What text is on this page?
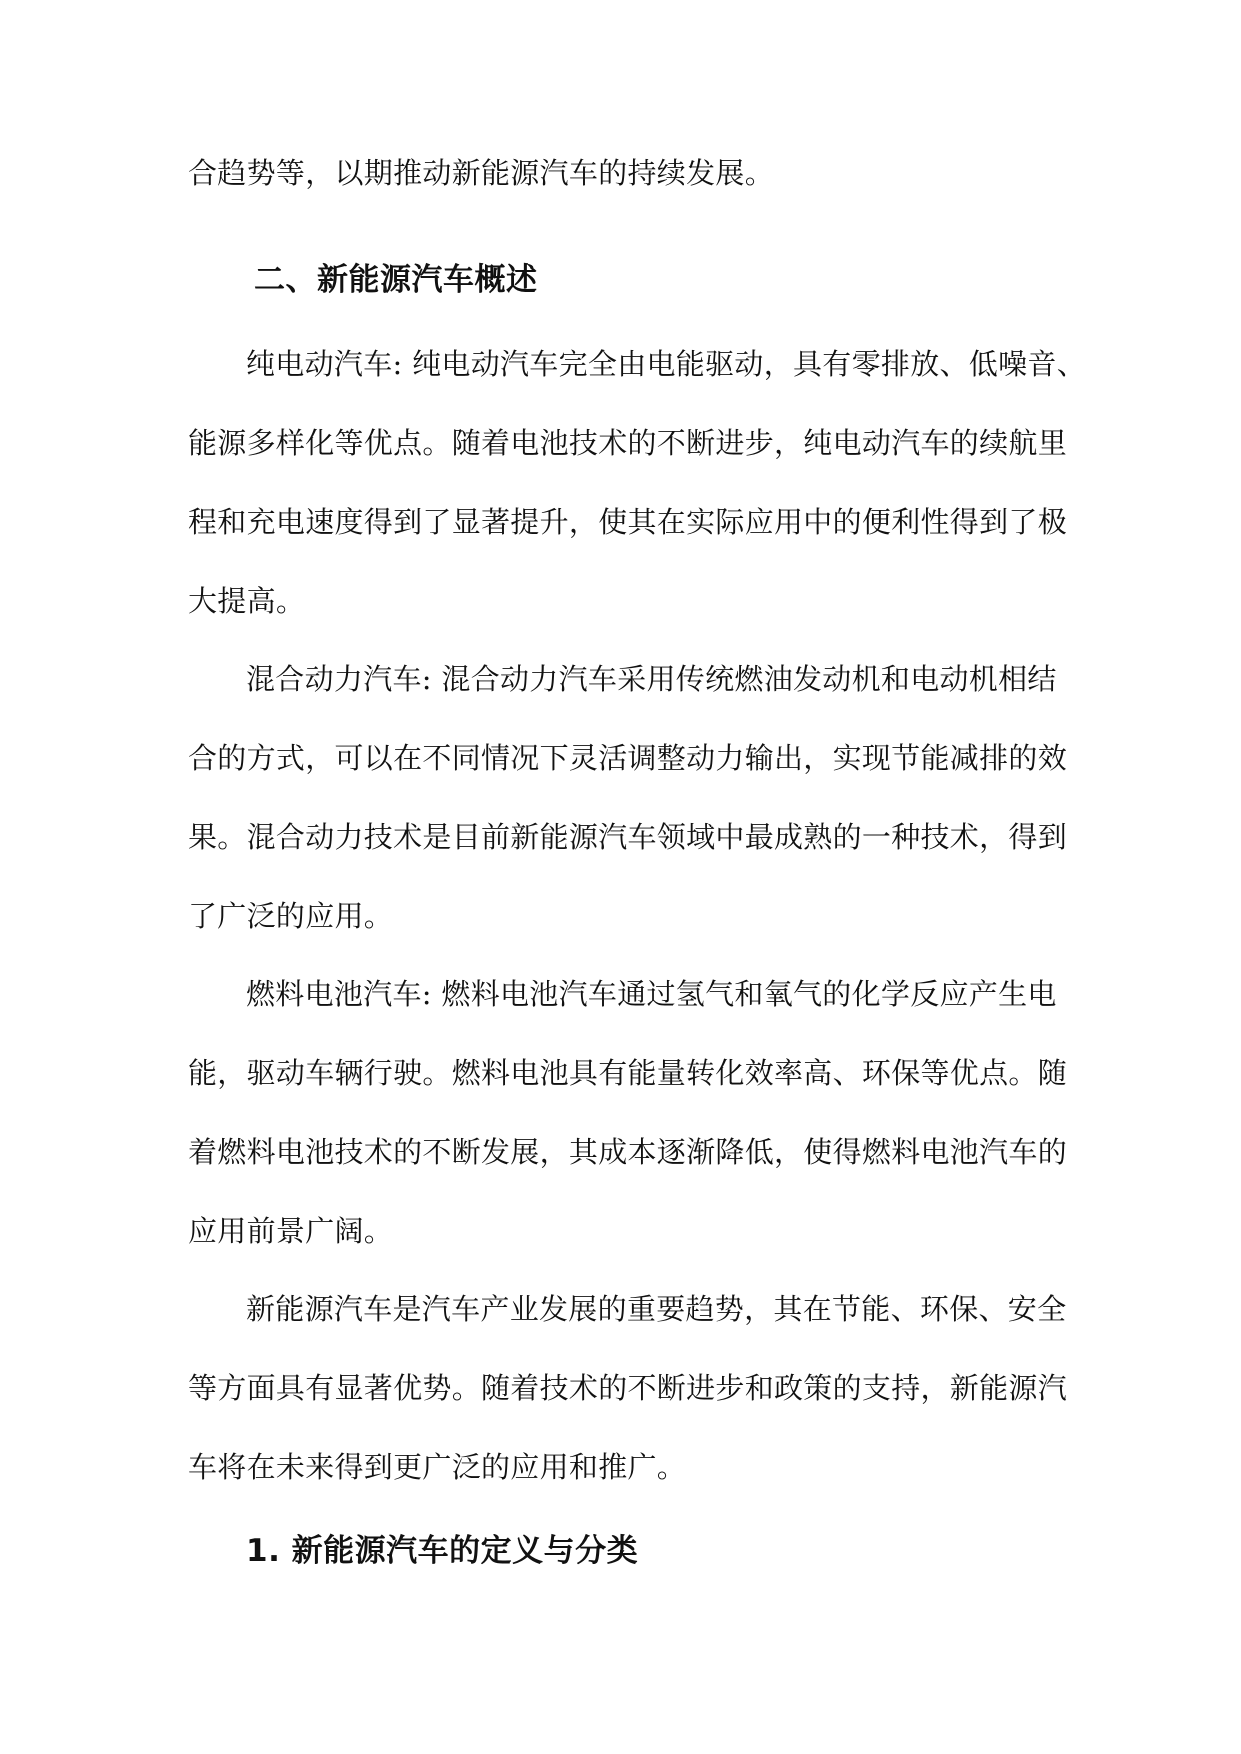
合趋势等，以期推动新能源汽车的持续发展。
二、新能源汽车概述
纯电动汽车: 纯电动汽车完全由电能驱动，具有零排放、低噪音、
能源多样化等优点。随着电池技术的不断进步，纯电动汽车的续航里
程和充电速度得到了显著提升，使其在实际应用中的便利性得到了极
大提高。
混合动力汽车: 混合动力汽车采用传统燃油发动机和电动机相结
合的方式，可以在不同情况下灵活调整动力输出，实现节能减排的效
果。混合动力技术是目前新能源汽车领域中最成熟的一种技术，得到
了广泛的应用。
燃料电池汽车: 燃料电池汽车通过氢气和氧气的化学反应产生电
能，驱动车辆行驶。燃料电池具有能量转化效率高、环保等优点。随
着燃料电池技术的不断发展，其成本逐渐降低，使得燃料电池汽车的
应用前景广阔。
新能源汽车是汽车产业发展的重要趋势，其在节能、环保、安全
等方面具有显著优势。随着技术的不断进步和政策的支持，新能源汽
车将在未来得到更广泛的应用和推广。
1. 新能源汽车的定义与分类
